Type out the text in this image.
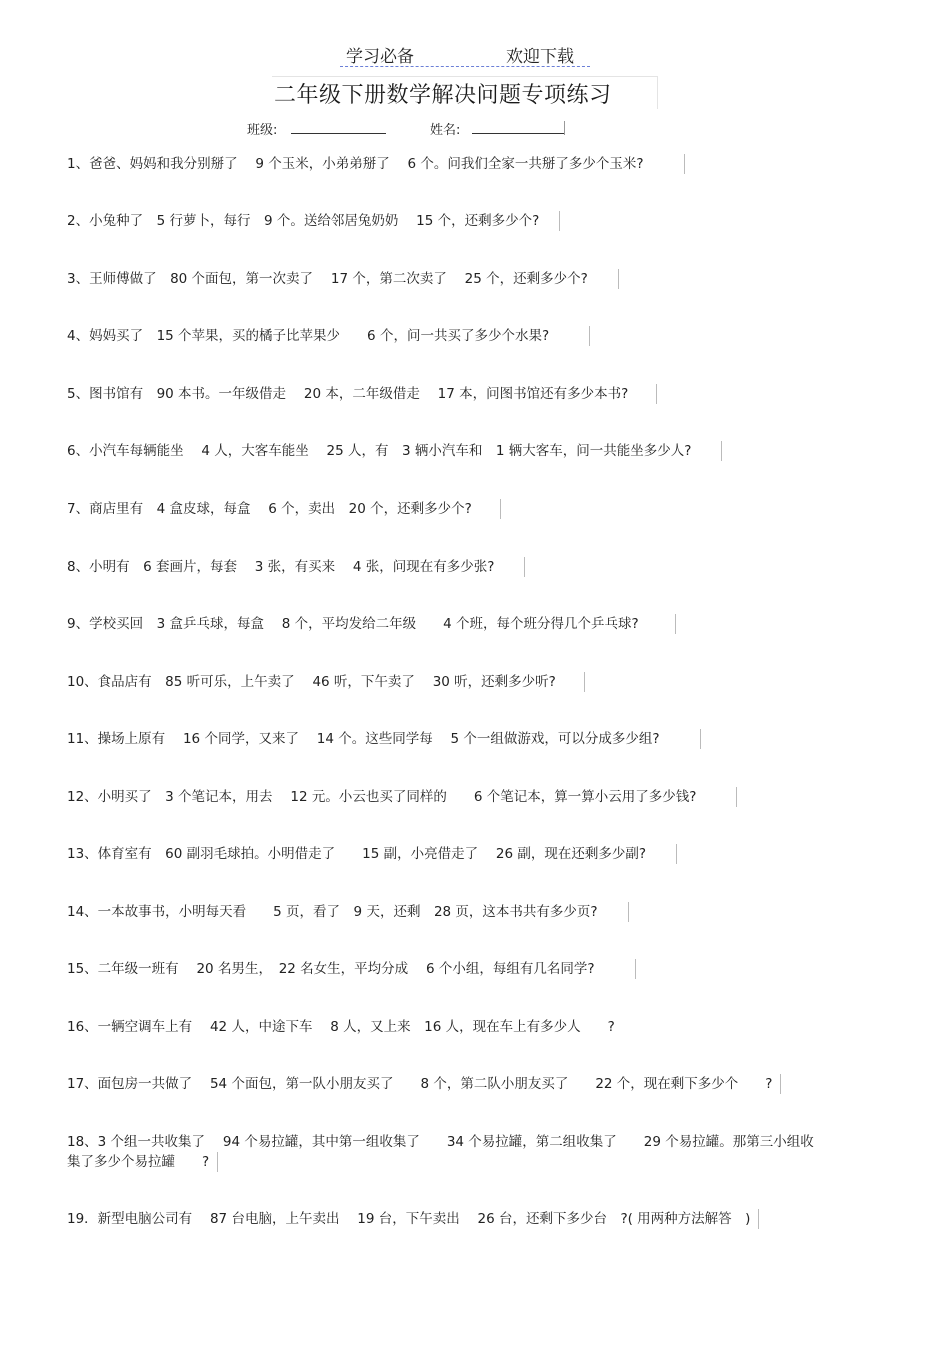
学习必备	欢迎下载
二年级下册数学解决问题专项练习
班级:	姓名:
1、爸爸、妈妈和我分别掰了　 9 个玉米，小弟弟掰了　 6 个。问我们全家一共掰了多少个玉米?
2、小兔种了　5 行萝卜，每行　9 个。送给邻居兔奶奶　 15 个，还剩多少个?
3、王师傅做了　80 个面包，第一次卖了　 17 个，第二次卖了　 25 个，还剩多少个?
4、妈妈买了　15 个苹果，买的橘子比苹果少　　6 个，问一共买了多少个水果?
5、图书馆有　90 本书。一年级借走　 20 本，二年级借走　 17 本，问图书馆还有多少本书?
6、小汽车每辆能坐　 4 人，大客车能坐　 25 人，有　3 辆小汽车和　1 辆大客车，问一共能坐多少人?
7、商店里有　4 盒皮球，每盒　 6 个，卖出　20 个，还剩多少个?
8、小明有　6 套画片，每套　 3 张，有买来　 4 张，问现在有多少张?
9、学校买回　3 盒乒乓球，每盒　 8 个，平均发给二年级　　4 个班，每个班分得几个乒乓球?
10、食品店有　85 听可乐，上午卖了　 46 听，下午卖了　 30 听，还剩多少听?
11、操场上原有　 16 个同学，又来了　 14 个。这些同学每　 5 个一组做游戏，可以分成多少组?
12、小明买了　3 个笔记本，用去　 12 元。小云也买了同样的　　6 个笔记本，算一算小云用了多少钱?
13、体育室有　60 副羽毛球拍。小明借走了　　15 副，小亮借走了　 26 副，现在还剩多少副?
14、一本故事书，小明每天看　　5 页，看了　9 天，还剩　28 页，这本书共有多少页?
15、二年级一班有　 20 名男生，　22 名女生，平均分成　 6 个小组，每组有几名同学?
16、一辆空调车上有　 42 人，中途下车　 8 人，又上来　16 人，现在车上有多少人　　?
17、面包房一共做了　 54 个面包，第一队小朋友买了　　8 个，第二队小朋友买了　　22 个，现在剩下多少个　　?
18、3 个组一共收集了　 94 个易拉罐，其中第一组收集了　　34 个易拉罐，第二组收集了　　29 个易拉罐。那第三小组收
集了多少个易拉罐　　?
19．新型电脑公司有　 87 台电脑，上午卖出　 19 台，下午卖出　 26 台，还剩下多少台　?( 用两种方法解答　)
